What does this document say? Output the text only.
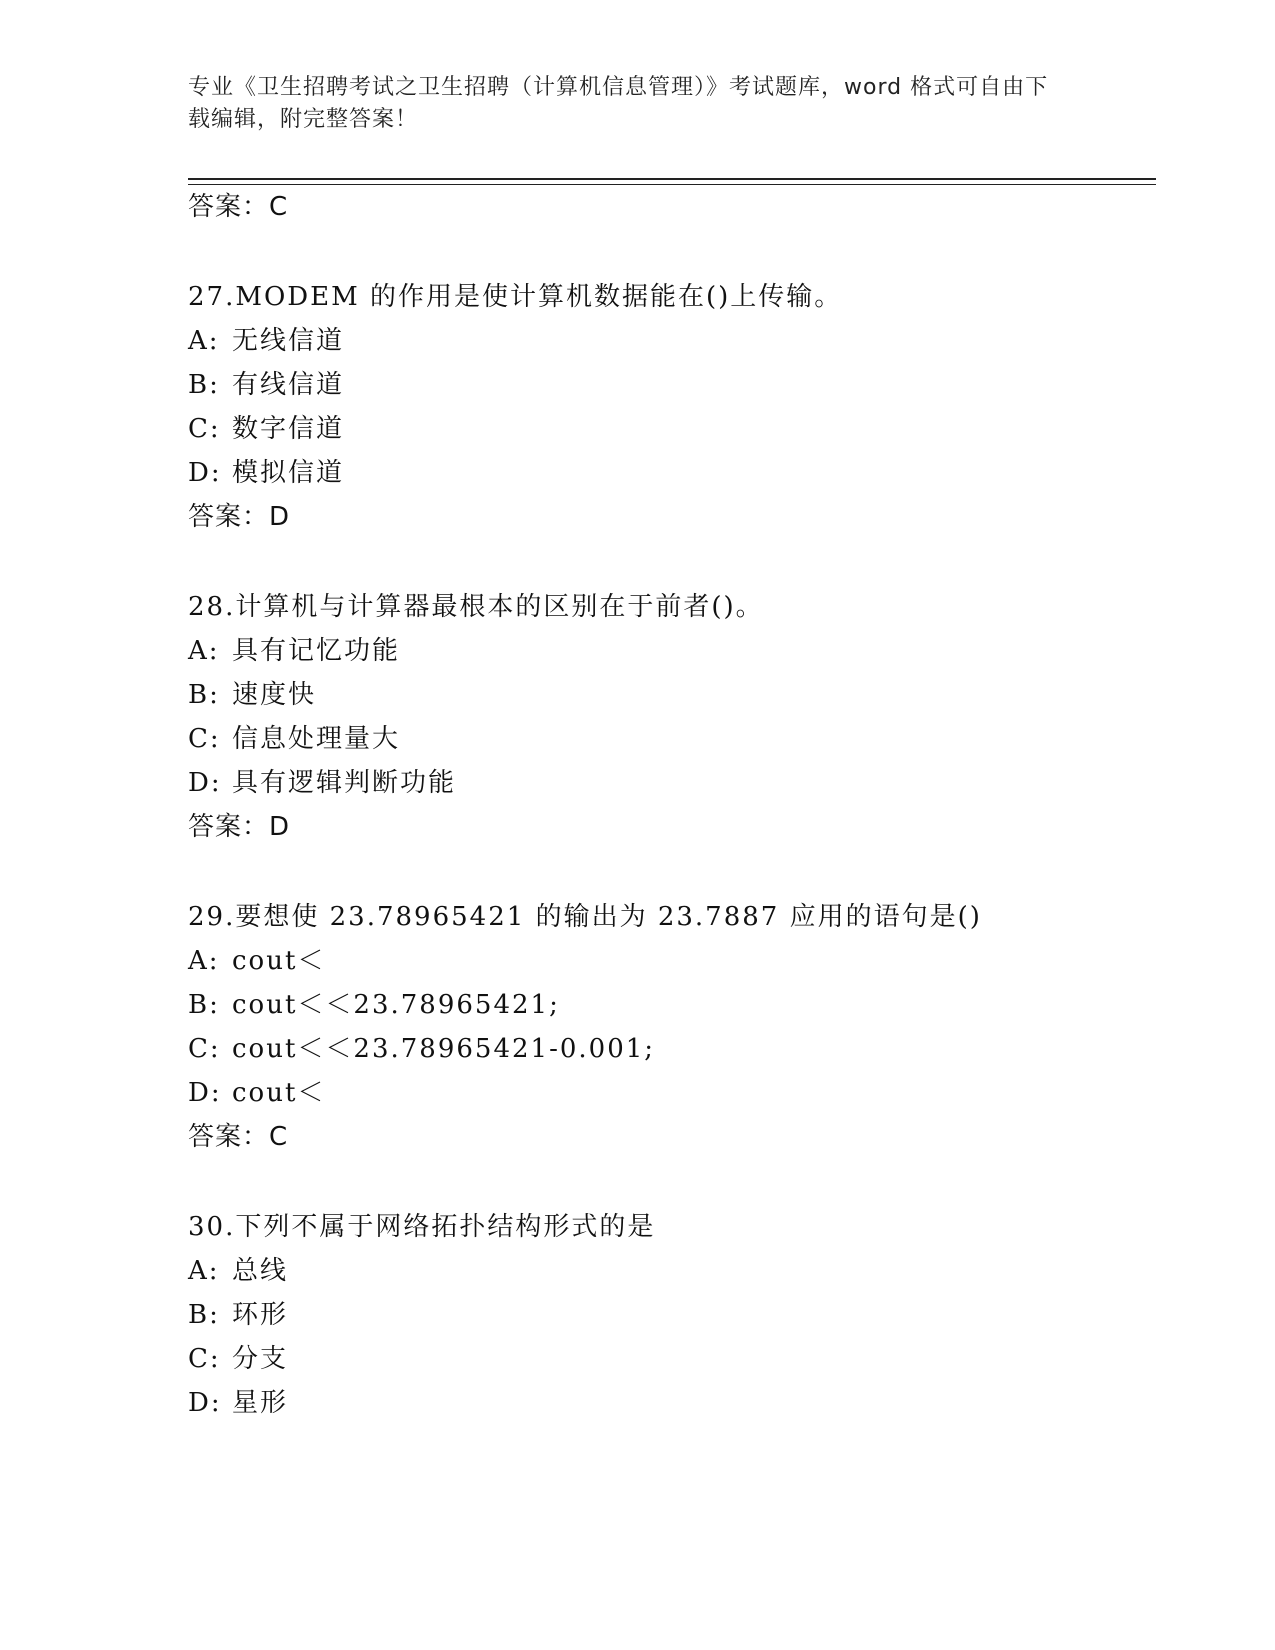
专业《卫生招聘考试之卫生招聘（计算机信息管理）》考试题库，word 格式可自由下载编辑，附完整答案！
答案：C
27.MODEM 的作用是使计算机数据能在()上传输。
A: 无线信道
B: 有线信道
C: 数字信道
D: 模拟信道
答案：D
28.计算机与计算器最根本的区别在于前者()。
A: 具有记忆功能
B: 速度快
C: 信息处理量大
D: 具有逻辑判断功能
答案：D
29.要想使 23.78965421 的输出为 23.7887 应用的语句是()
A: cout＜
B: cout＜＜23.78965421;
C: cout＜＜23.78965421-0.001;
D: cout＜
答案：C
30.下列不属于网络拓扑结构形式的是
A: 总线
B: 环形
C: 分支
D: 星形
